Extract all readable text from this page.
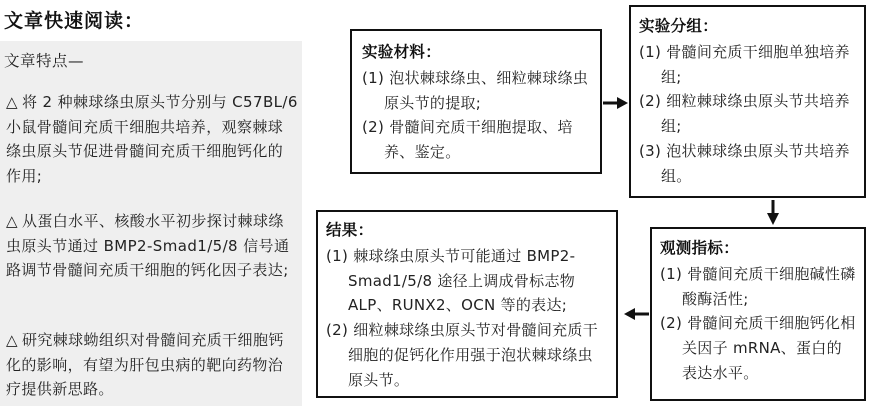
文章快速阅读：
文章特点—
△ 将 2 种棘球绦虫原头节分别与 C57BL/6 小鼠骨髓间充质干细胞共培养，观察棘球绦虫原头节促进骨髓间充质干细胞钙化的作用;
△ 从蛋白水平、核酸水平初步探讨棘球绦虫原头节通过 BMP2-Smad1/5/8 信号通路调节骨髓间充质干细胞的钙化因子表达;
△ 研究棘球蚴组织对骨髓间充质干细胞钙化的影响，有望为肝包虫病的靶向药物治疗提供新思路。
实验材料：
(1) 泡状棘球绦虫、细粒棘球绦虫原头节的提取;
(2) 骨髓间充质干细胞提取、培养、鉴定。
实验分组：
(1) 骨髓间充质干细胞单独培养组;
(2) 细粒棘球绦虫原头节共培养组;
(3) 泡状棘球绦虫原头节共培养组。
观测指标：
(1) 骨髓间充质干细胞碱性磷酸酶活性;
(2) 骨髓间充质干细胞钙化相关因子 mRNA、蛋白的表达水平。
结果：
(1) 棘球绦虫原头节可能通过 BMP2-Smad1/5/8 途径上调成骨标志物 ALP、RUNX2、OCN 等的表达;
(2) 细粒棘球绦虫原头节对骨髓间充质干细胞的促钙化作用强于泡状棘球绦虫原头节。
